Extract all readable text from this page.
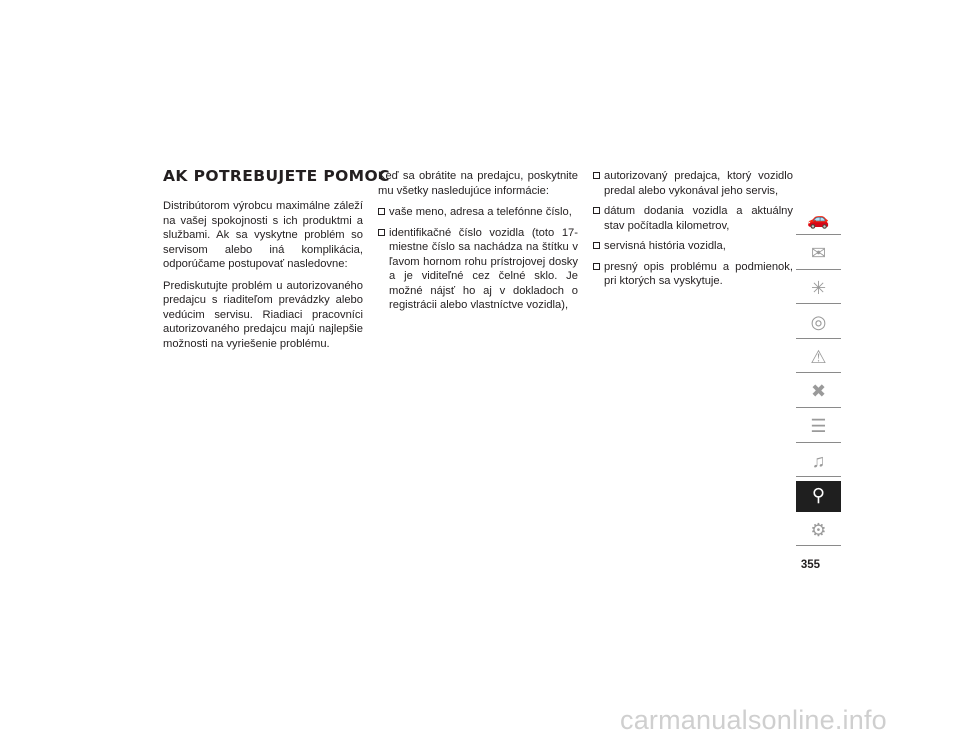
AK POTREBUJETE POMOC

Distribútorom výrobcu maximálne záleží na vašej spokojnosti s ich produktmi a službami. Ak sa vyskytne problém so servisom alebo iná komplikácia, odporúčame postupovať nasledovne:

Prediskutujte problém u autorizovaného predajcu s riaditeľom prevádzky alebo vedúcim servisu. Riadiaci pracovníci autorizovaného predajcu majú najlepšie možnosti na vyriešenie problému.

Keď sa obrátite na predajcu, poskytnite mu všetky nasledujúce informácie:

vaše meno, adresa a telefónne číslo,
identifikačné číslo vozidla (toto 17-miestne číslo sa nachádza na štítku v ľavom hornom rohu prístrojovej dosky a je viditeľné cez čelné sklo. Je možné nájsť ho aj v dokladoch o registrácii alebo vlastníctve vozidla),
autorizovaný predajca, ktorý vozidlo predal alebo vykonával jeho servis,
dátum dodania vozidla a aktuálny stav počítadla kilometrov,
servisná história vozidla,
presný opis problému a podmienok, pri ktorých sa vyskytuje.
🚗
✉
✳
◎
⚠
✖
☰
♫
⚲
⚙
355
carmanualsonline.info
